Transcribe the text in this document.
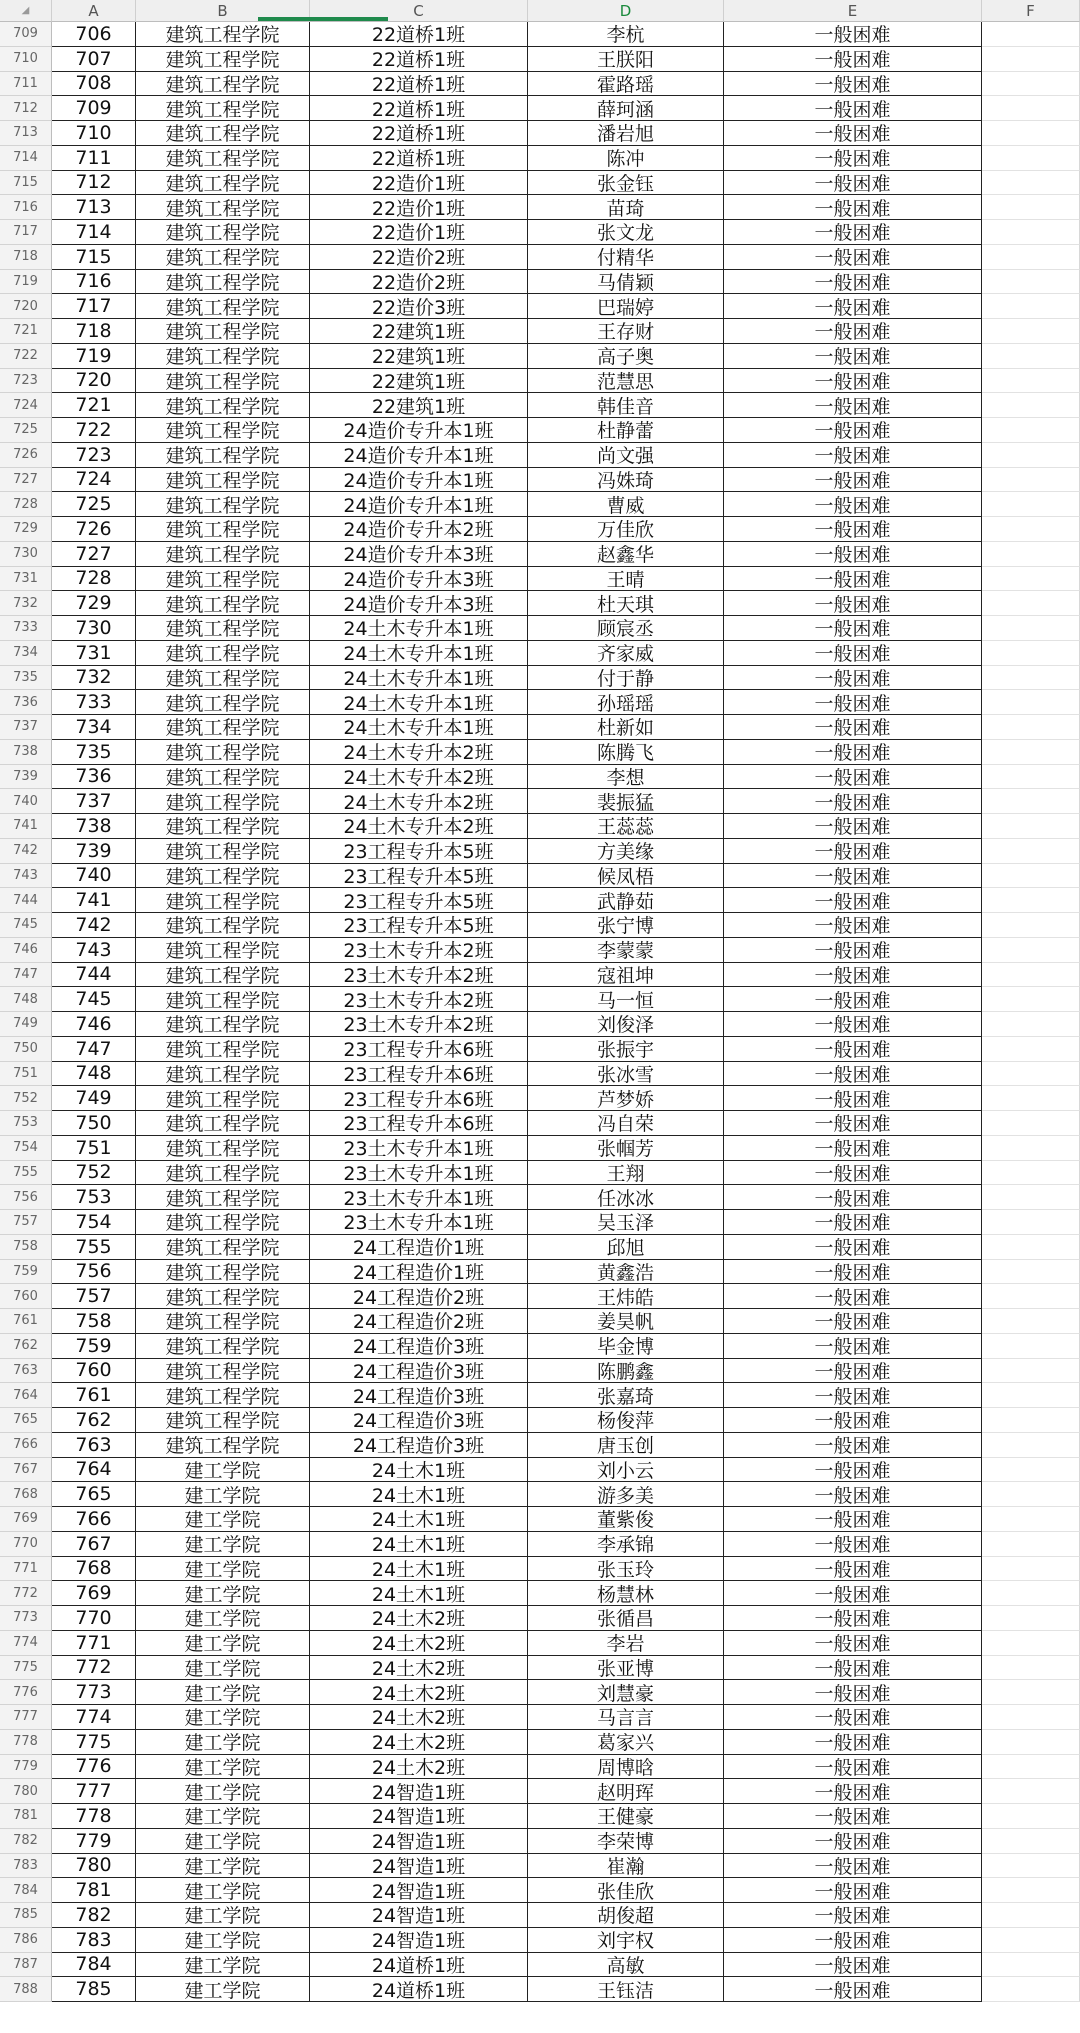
◢	A	B	C	D	E	F
709	706	建筑工程学院	22道桥1班	李杭	一般困难
710	707	建筑工程学院	22道桥1班	王朕阳	一般困难
711	708	建筑工程学院	22道桥1班	霍路瑶	一般困难
712	709	建筑工程学院	22道桥1班	薛珂涵	一般困难
713	710	建筑工程学院	22道桥1班	潘岩旭	一般困难
714	711	建筑工程学院	22道桥1班	陈冲	一般困难
715	712	建筑工程学院	22造价1班	张金钰	一般困难
716	713	建筑工程学院	22造价1班	苗琦	一般困难
717	714	建筑工程学院	22造价1班	张文龙	一般困难
718	715	建筑工程学院	22造价2班	付精华	一般困难
719	716	建筑工程学院	22造价2班	马倩颖	一般困难
720	717	建筑工程学院	22造价3班	巴瑞婷	一般困难
721	718	建筑工程学院	22建筑1班	王存财	一般困难
722	719	建筑工程学院	22建筑1班	高子奥	一般困难
723	720	建筑工程学院	22建筑1班	范慧思	一般困难
724	721	建筑工程学院	22建筑1班	韩佳音	一般困难
725	722	建筑工程学院	24造价专升本1班	杜静蕾	一般困难
726	723	建筑工程学院	24造价专升本1班	尚文强	一般困难
727	724	建筑工程学院	24造价专升本1班	冯姝琦	一般困难
728	725	建筑工程学院	24造价专升本1班	曹威	一般困难
729	726	建筑工程学院	24造价专升本2班	万佳欣	一般困难
730	727	建筑工程学院	24造价专升本3班	赵鑫华	一般困难
731	728	建筑工程学院	24造价专升本3班	王晴	一般困难
732	729	建筑工程学院	24造价专升本3班	杜天琪	一般困难
733	730	建筑工程学院	24土木专升本1班	顾宸丞	一般困难
734	731	建筑工程学院	24土木专升本1班	齐家威	一般困难
735	732	建筑工程学院	24土木专升本1班	付于静	一般困难
736	733	建筑工程学院	24土木专升本1班	孙瑶瑶	一般困难
737	734	建筑工程学院	24土木专升本1班	杜新如	一般困难
738	735	建筑工程学院	24土木专升本2班	陈腾飞	一般困难
739	736	建筑工程学院	24土木专升本2班	李想	一般困难
740	737	建筑工程学院	24土木专升本2班	裴振猛	一般困难
741	738	建筑工程学院	24土木专升本2班	王蕊蕊	一般困难
742	739	建筑工程学院	23工程专升本5班	方美缘	一般困难
743	740	建筑工程学院	23工程专升本5班	候凤梧	一般困难
744	741	建筑工程学院	23工程专升本5班	武静茹	一般困难
745	742	建筑工程学院	23工程专升本5班	张宁博	一般困难
746	743	建筑工程学院	23土木专升本2班	李蒙蒙	一般困难
747	744	建筑工程学院	23土木专升本2班	寇祖坤	一般困难
748	745	建筑工程学院	23土木专升本2班	马一恒	一般困难
749	746	建筑工程学院	23土木专升本2班	刘俊泽	一般困难
750	747	建筑工程学院	23工程专升本6班	张振宇	一般困难
751	748	建筑工程学院	23工程专升本6班	张冰雪	一般困难
752	749	建筑工程学院	23工程专升本6班	芦梦娇	一般困难
753	750	建筑工程学院	23工程专升本6班	冯自荣	一般困难
754	751	建筑工程学院	23土木专升本1班	张帼芳	一般困难
755	752	建筑工程学院	23土木专升本1班	王翔	一般困难
756	753	建筑工程学院	23土木专升本1班	任冰冰	一般困难
757	754	建筑工程学院	23土木专升本1班	吴玉泽	一般困难
758	755	建筑工程学院	24工程造价1班	邱旭	一般困难
759	756	建筑工程学院	24工程造价1班	黄鑫浩	一般困难
760	757	建筑工程学院	24工程造价2班	王炜皓	一般困难
761	758	建筑工程学院	24工程造价2班	姜昊帆	一般困难
762	759	建筑工程学院	24工程造价3班	毕金博	一般困难
763	760	建筑工程学院	24工程造价3班	陈鹏鑫	一般困难
764	761	建筑工程学院	24工程造价3班	张嘉琦	一般困难
765	762	建筑工程学院	24工程造价3班	杨俊萍	一般困难
766	763	建筑工程学院	24工程造价3班	唐玉创	一般困难
767	764	建工学院	24土木1班	刘小云	一般困难
768	765	建工学院	24土木1班	游多美	一般困难
769	766	建工学院	24土木1班	董紫俊	一般困难
770	767	建工学院	24土木1班	李承锦	一般困难
771	768	建工学院	24土木1班	张玉玲	一般困难
772	769	建工学院	24土木1班	杨慧林	一般困难
773	770	建工学院	24土木2班	张循昌	一般困难
774	771	建工学院	24土木2班	李岩	一般困难
775	772	建工学院	24土木2班	张亚博	一般困难
776	773	建工学院	24土木2班	刘慧豪	一般困难
777	774	建工学院	24土木2班	马言言	一般困难
778	775	建工学院	24土木2班	葛家兴	一般困难
779	776	建工学院	24土木2班	周博晗	一般困难
780	777	建工学院	24智造1班	赵明珲	一般困难
781	778	建工学院	24智造1班	王健豪	一般困难
782	779	建工学院	24智造1班	李荣博	一般困难
783	780	建工学院	24智造1班	崔瀚	一般困难
784	781	建工学院	24智造1班	张佳欣	一般困难
785	782	建工学院	24智造1班	胡俊超	一般困难
786	783	建工学院	24智造1班	刘宇权	一般困难
787	784	建工学院	24道桥1班	高敏	一般困难
788	785	建工学院	24道桥1班	王钰洁	一般困难
